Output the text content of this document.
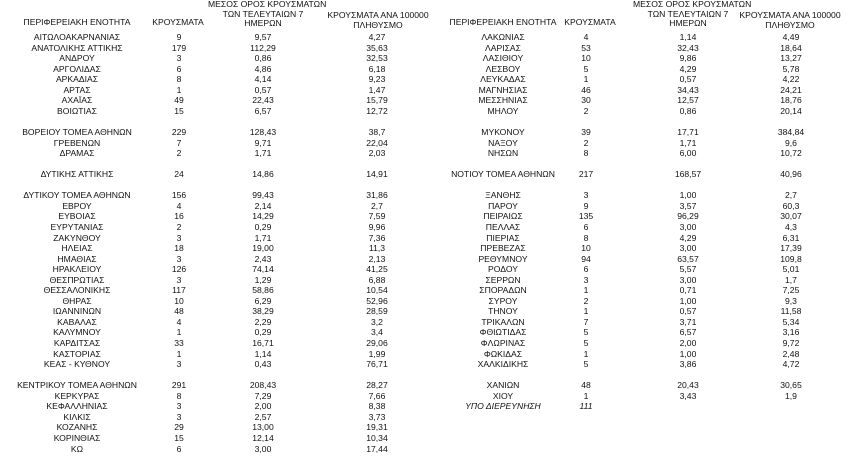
ΠΕΡΙΦΕΡΕΙΑΚΗ ΕΝΟΤΗΤΑ	ΚΡΟΥΣΜΑΤΑ
ΜΕΣΟΣ ΟΡΟΣ ΚΡΟΥΣΜΑΤΩΝ
ΤΩΝ ΤΕΛΕΥΤΑΙΩΝ 7
ΗΜΕΡΩΝ
ΚΡΟΥΣΜΑΤΑ ΑΝΑ 100000
ΠΛΗΘΥΣΜΟ	ΠΕΡΙΦΕΡΕΙΑΚΗ ΕΝΟΤΗΤΑ ΚΡΟΥΣΜΑΤΑ
ΜΕΣΟΣ ΟΡΟΣ ΚΡΟΥΣΜΑΤΩΝ
ΤΩΝ ΤΕΛΕΥΤΑΙΩΝ 7
ΗΜΕΡΩΝ
ΚΡΟΥΣΜΑΤΑ ΑΝΑ 100000
ΠΛΗΘΥΣΜΟ
ΑΙΤΩΛΟΑΚΑΡΝΑΝΙΑΣ	9	9,57	4,27
ΑΝΑΤΟΛΙΚΗΣ ΑΤΤΙΚΗΣ	179	112,29	35,63
ΑΝΔΡΟΥ	3	0,86	32,53
ΑΡΓΟΛΙΔΑΣ	6	4,86	6,18
ΑΡΚΑΔΙΑΣ	8	4,14	9,23
ΑΡΤΑΣ	1	0,57	1,47
ΑΧΑΪΑΣ	49	22,43	15,79
ΒΟΙΩΤΙΑΣ	15	6,57	12,72
ΒΟΡΕΙΟΥ ΤΟΜΕΑ ΑΘΗΝΩΝ	229	128,43	38,7
ΓΡΕΒΕΝΩΝ	7	9,71	22,04
ΔΡΑΜΑΣ	2	1,71	2,03
ΔΥΤΙΚΗΣ ΑΤΤΙΚΗΣ	24	14,86	14,91
ΔΥΤΙΚΟΥ ΤΟΜΕΑ ΑΘΗΝΩΝ	156	99,43	31,86
ΕΒΡΟΥ	4	2,14	2,7
ΕΥΒΟΙΑΣ	16	14,29	7,59
ΕΥΡΥΤΑΝΙΑΣ	2	0,29	9,96
ΖΑΚΥΝΘΟΥ	3	1,71	7,36
ΗΛΕΙΑΣ	18	19,00	11,3
ΗΜΑΘΙΑΣ	3	2,43	2,13
ΗΡΑΚΛΕΙΟΥ	126	74,14	41,25
ΘΕΣΠΡΩΤΙΑΣ	3	1,29	6,88
ΘΕΣΣΑΛΟΝΙΚΗΣ	117	58,86	10,54
ΘΗΡΑΣ	10	6,29	52,96
ΙΩΑΝΝΙΝΩΝ	48	38,29	28,59
ΚΑΒΑΛΑΣ	4	2,29	3,2
ΚΑΛΥΜΝΟΥ	1	0,29	3,4
ΚΑΡΔΙΤΣΑΣ	33	16,71	29,06
ΚΑΣΤΟΡΙΑΣ	1	1,14	1,99
ΚΕΑΣ - ΚΥΘΝΟΥ	3	0,43	76,71
ΚΕΝΤΡΙΚΟΥ ΤΟΜΕΑ ΑΘΗΝΩΝ	291	208,43	28,27
ΚΕΡΚΥΡΑΣ	8	7,29	7,66
ΚΕΦΑΛΛΗΝΙΑΣ	3	2,00	8,38
ΚΙΛΚΙΣ	3	2,57	3,73
ΚΟΖΑΝΗΣ	29	13,00	19,31
ΚΟΡΙΝΘΙΑΣ	15	12,14	10,34
ΚΩ	6	3,00	17,44
ΛΑΚΩΝΙΑΣ	4	1,14	4,49
ΛΑΡΙΣΑΣ	53	32,43	18,64
ΛΑΣΙΘΙΟΥ	10	9,86	13,27
ΛΕΣΒΟΥ	5	4,29	5,78
ΛΕΥΚΑΔΑΣ	1	0,57	4,22
ΜΑΓΝΗΣΙΑΣ	46	34,43	24,21
ΜΕΣΣΗΝΙΑΣ	30	12,57	18,76
ΜΗΛΟΥ	2	0,86	20,14
ΜΥΚΟΝΟΥ	39	17,71	384,84
ΝΑΞΟΥ	2	1,71	9,6
ΝΗΣΩΝ	8	6,00	10,72
ΝΟΤΙΟΥ ΤΟΜΕΑ ΑΘΗΝΩΝ	217	168,57	40,96
ΞΑΝΘΗΣ	3	1,00	2,7
ΠΑΡΟΥ	9	3,57	60,3
ΠΕΙΡΑΙΩΣ	135	96,29	30,07
ΠΕΛΛΑΣ	6	3,00	4,3
ΠΙΕΡΙΑΣ	8	4,29	6,31
ΠΡΕΒΕΖΑΣ	10	3,00	17,39
ΡΕΘΥΜΝΟΥ	94	63,57	109,8
ΡΟΔΟΥ	6	5,57	5,01
ΣΕΡΡΩΝ	3	3,00	1,7
ΣΠΟΡΑΔΩΝ	1	0,71	7,25
ΣΥΡΟΥ	2	1,00	9,3
ΤΗΝΟΥ	1	0,57	11,58
ΤΡΙΚΑΛΩΝ	7	3,71	5,34
ΦΘΙΩΤΙΔΑΣ	5	6,57	3,16
ΦΛΩΡΙΝΑΣ	5	2,00	9,72
ΦΩΚΙΔΑΣ	1	1,00	2,48
ΧΑΛΚΙΔΙΚΗΣ	5	3,86	4,72
ΧΑΝΙΩΝ	48	20,43	30,65
ΧΙΟΥ	1	3,43	1,9
ΥΠΟ ΔΙΕΡΕΥΝΗΣΗ	111
